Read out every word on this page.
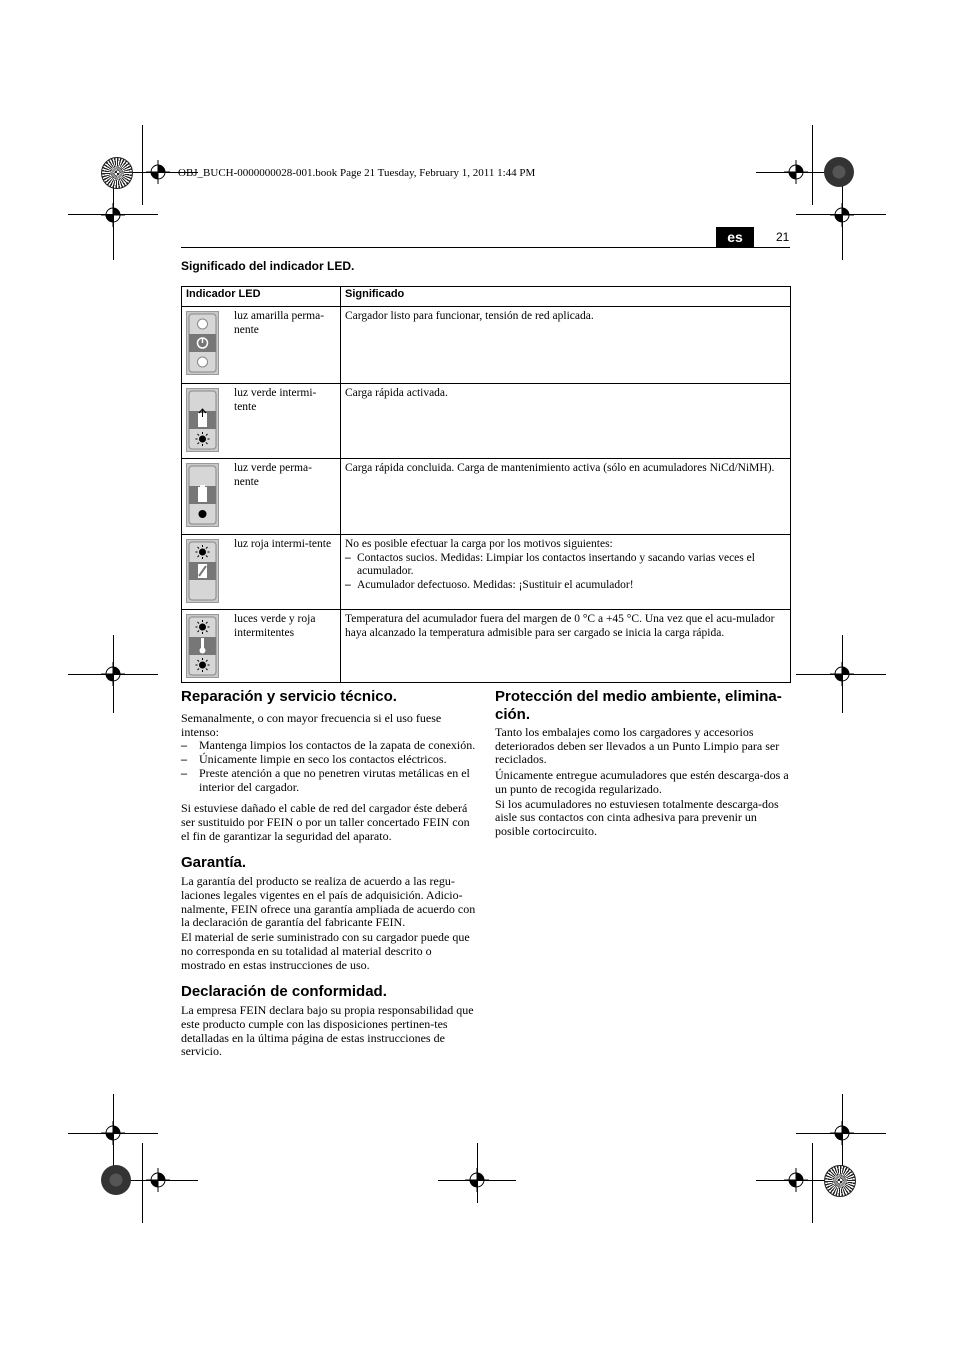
OBJ_BUCH-0000000028-001.book Page 21 Tuesday, February 1, 2011 1:44 PM
es	21
Significado del indicador LED.
Indicador LED	Significado

luz amarilla perma-nente	Cargador listo para funcionar, tensión de red aplicada.

luz verde intermi-tente	Carga rápida activada.

luz verde perma-nente	Carga rápida concluida. Carga de mantenimiento activa (sólo en acumuladores NiCd/NiMH).

luz roja intermi-tente	No es posible efectuar la carga por los motivos siguientes:
– Contactos sucios. Medidas: Limpiar los contactos insertando y sacando varias veces el acumulador.
– Acumulador defectuoso. Medidas: ¡Sustituir el acumulador!

luces verde y roja intermitentes	Temperatura del acumulador fuera del margen de 0 °C a +45 °C. Una vez que el acu-mulador haya alcanzado la temperatura admisible para ser cargado se inicia la carga rápida.
Reparación y servicio técnico.
Semanalmente, o con mayor frecuencia si el uso fuese intenso:
– Mantenga limpios los contactos de la zapata de conexión.
– Únicamente limpie en seco los contactos eléctricos.
– Preste atención a que no penetren virutas metálicas en el interior del cargador.

Si estuviese dañado el cable de red del cargador éste deberá ser sustituido por FEIN o por un taller concertado FEIN con el fin de garantizar la seguridad del aparato.

Garantía.

La garantía del producto se realiza de acuerdo a las regu-laciones legales vigentes en el país de adquisición. Adicio-nalmente, FEIN ofrece una garantía ampliada de acuerdo con la declaración de garantía del fabricante FEIN.

El material de serie suministrado con su cargador puede que no corresponda en su totalidad al material descrito o mostrado en estas instrucciones de uso.

Declaración de conformidad.

La empresa FEIN declara bajo su propia responsabilidad que este producto cumple con las disposiciones pertinen-tes detalladas en la última página de estas instrucciones de servicio.

Protección del medio ambiente, elimina-ción.

Tanto los embalajes como los cargadores y accesorios deteriorados deben ser llevados a un Punto Limpio para ser reciclados.

Únicamente entregue acumuladores que estén descarga-dos a un punto de recogida regularizado.

Si los acumuladores no estuviesen totalmente descarga-dos aisle sus contactos con cinta adhesiva para prevenir un posible cortocircuito.
